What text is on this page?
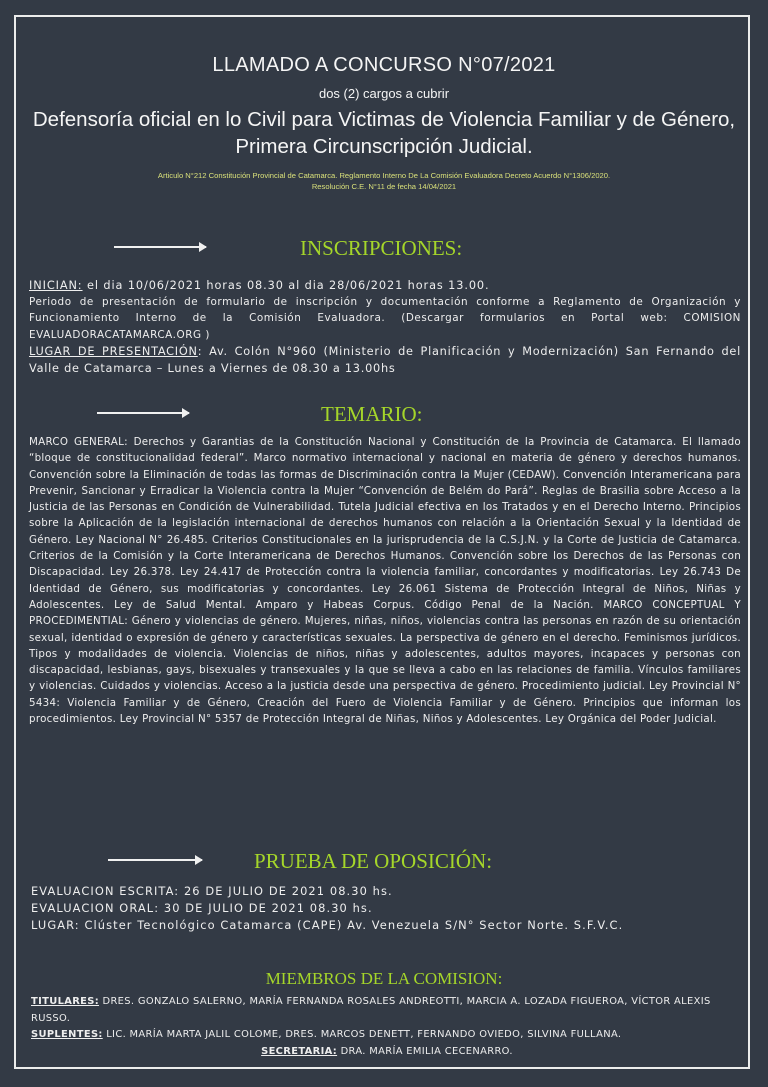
LLAMADO A CONCURSO N°07/2021
dos (2) cargos a cubrir
Defensoría oficial en lo Civil para Victimas de Violencia Familiar y de Género,
Primera Circunscripción Judicial.
Articulo N°212 Constitución Provincial de Catamarca. Reglamento Interno De La Comisión Evaluadora Decreto Acuerdo N°1306/2020.
Resolución C.E. N°11 de fecha 14/04/2021
INSCRIPCIONES:
INICIAN: el dia 10/06/2021 horas 08.30 al dia 28/06/2021 horas 13.00.
Periodo de presentación de formulario de inscripción y documentación conforme a Reglamento de Organización y Funcionamiento Interno de la Comisión Evaluadora. (Descargar formularios en Portal web: COMISION EVALUADORACATAMARCA.ORG )
LUGAR DE PRESENTACIÓN: Av. Colón N°960 (Ministerio de Planificación y Modernización) San Fernando del Valle de Catamarca – Lunes a Viernes de 08.30 a 13.00hs
TEMARIO:
MARCO GENERAL: Derechos y Garantias de la Constitución Nacional y Constitución de la Provincia de Catamarca. El llamado “bloque de constitucionalidad federal”. Marco normativo internacional y nacional en materia de género y derechos humanos. Convención sobre la Eliminación de todas las formas de Discriminación contra la Mujer (CEDAW). Convención Interamericana para Prevenir, Sancionar y Erradicar la Violencia contra la Mujer “Convención de Belém do Pará”. Reglas de Brasilia sobre Acceso a la Justicia de las Personas en Condición de Vulnerabilidad. Tutela Judicial efectiva en los Tratados y en el Derecho Interno. Principios sobre la Aplicación de la legislación internacional de derechos humanos con relación a la Orientación Sexual y la Identidad de Género. Ley Nacional N° 26.485. Criterios Constitucionales en la jurisprudencia de la C.S.J.N. y la Corte de Justicia de Catamarca. Criterios de la Comisión y la Corte Interamericana de Derechos Humanos. Convención sobre los Derechos de las Personas con Discapacidad. Ley 26.378. Ley 24.417 de Protección contra la violencia familiar, concordantes y modificatorias. Ley 26.743 De Identidad de Género, sus modificatorias y concordantes. Ley 26.061 Sistema de Protección Integral de Niños, Niñas y Adolescentes. Ley de Salud Mental. Amparo y Habeas Corpus. Código Penal de la Nación. MARCO CONCEPTUAL Y PROCEDIMENTIAL: Género y violencias de género. Mujeres, niñas, niños, violencias contra las personas en razón de su orientación sexual, identidad o expresión de género y características sexuales. La perspectiva de género en el derecho. Feminismos jurídicos. Tipos y modalidades de violencia. Violencias de niños, niñas y adolescentes, adultos mayores, incapaces y personas con discapacidad, lesbianas, gays, bisexuales y transexuales y la que se lleva a cabo en las relaciones de familia. Vínculos familiares y violencias. Cuidados y violencias. Acceso a la justicia desde una perspectiva de género. Procedimiento judicial. Ley Provincial N° 5434: Violencia Familiar y de Género, Creación del Fuero de Violencia Familiar y de Género. Principios que informan los procedimientos. Ley Provincial N° 5357 de Protección Integral de Niñas, Niños y Adolescentes. Ley Orgánica del Poder Judicial.
PRUEBA DE OPOSICIÓN:
EVALUACION ESCRITA: 26 DE JULIO DE 2021 08.30 hs.
EVALUACION ORAL: 30 DE JULIO DE 2021 08.30 hs.
LUGAR: Clúster Tecnológico Catamarca (CAPE) Av. Venezuela S/N° Sector Norte. S.F.V.C.
MIEMBROS DE LA COMISION:
TITULARES: DRES. GONZALO SALERNO, MARÍA FERNANDA ROSALES ANDREOTTI, MARCIA A. LOZADA FIGUEROA, VÍCTOR ALEXIS RUSSO.
SUPLENTES: LIC. MARÍA MARTA JALIL COLOME, DRES. MARCOS DENETT, FERNANDO OVIEDO, SILVINA FULLANA.
SECRETARIA: DRA. MARÍA EMILIA CECENARRO.
